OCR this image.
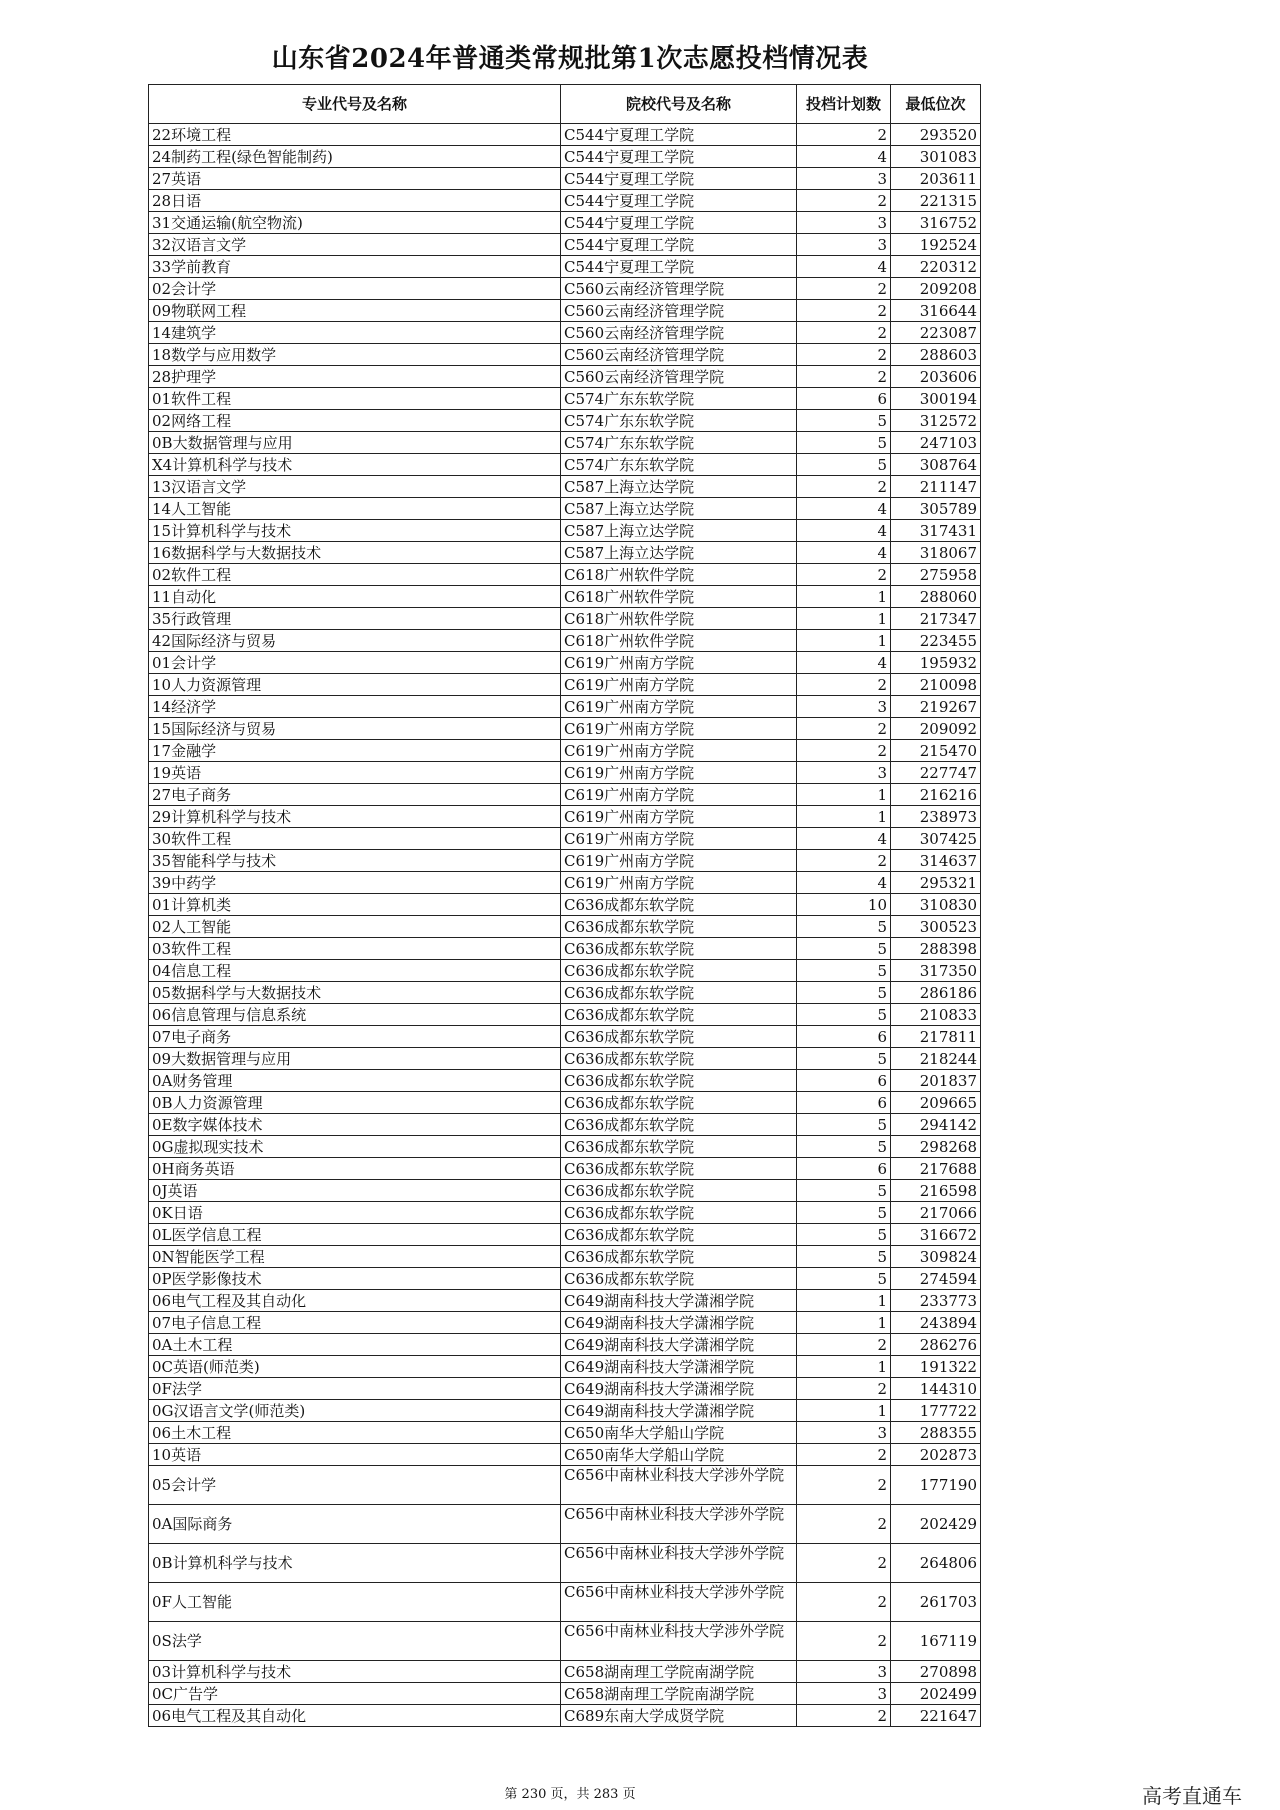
山东省2024年普通类常规批第1次志愿投档情况表
专业代号及名称	院校代号及名称	投档计划数	最低位次
22环境工程	C544宁夏理工学院	2	293520
24制药工程(绿色智能制药)	C544宁夏理工学院	4	301083
27英语	C544宁夏理工学院	3	203611
28日语	C544宁夏理工学院	2	221315
31交通运输(航空物流)	C544宁夏理工学院	3	316752
32汉语言文学	C544宁夏理工学院	3	192524
33学前教育	C544宁夏理工学院	4	220312
02会计学	C560云南经济管理学院	2	209208
09物联网工程	C560云南经济管理学院	2	316644
14建筑学	C560云南经济管理学院	2	223087
18数学与应用数学	C560云南经济管理学院	2	288603
28护理学	C560云南经济管理学院	2	203606
01软件工程	C574广东东软学院	6	300194
02网络工程	C574广东东软学院	5	312572
0B大数据管理与应用	C574广东东软学院	5	247103
X4计算机科学与技术	C574广东东软学院	5	308764
13汉语言文学	C587上海立达学院	2	211147
14人工智能	C587上海立达学院	4	305789
15计算机科学与技术	C587上海立达学院	4	317431
16数据科学与大数据技术	C587上海立达学院	4	318067
02软件工程	C618广州软件学院	2	275958
11自动化	C618广州软件学院	1	288060
35行政管理	C618广州软件学院	1	217347
42国际经济与贸易	C618广州软件学院	1	223455
01会计学	C619广州南方学院	4	195932
10人力资源管理	C619广州南方学院	2	210098
14经济学	C619广州南方学院	3	219267
15国际经济与贸易	C619广州南方学院	2	209092
17金融学	C619广州南方学院	2	215470
19英语	C619广州南方学院	3	227747
27电子商务	C619广州南方学院	1	216216
29计算机科学与技术	C619广州南方学院	1	238973
30软件工程	C619广州南方学院	4	307425
35智能科学与技术	C619广州南方学院	2	314637
39中药学	C619广州南方学院	4	295321
01计算机类	C636成都东软学院	10	310830
02人工智能	C636成都东软学院	5	300523
03软件工程	C636成都东软学院	5	288398
04信息工程	C636成都东软学院	5	317350
05数据科学与大数据技术	C636成都东软学院	5	286186
06信息管理与信息系统	C636成都东软学院	5	210833
07电子商务	C636成都东软学院	6	217811
09大数据管理与应用	C636成都东软学院	5	218244
0A财务管理	C636成都东软学院	6	201837
0B人力资源管理	C636成都东软学院	6	209665
0E数字媒体技术	C636成都东软学院	5	294142
0G虚拟现实技术	C636成都东软学院	5	298268
0H商务英语	C636成都东软学院	6	217688
0J英语	C636成都东软学院	5	216598
0K日语	C636成都东软学院	5	217066
0L医学信息工程	C636成都东软学院	5	316672
0N智能医学工程	C636成都东软学院	5	309824
0P医学影像技术	C636成都东软学院	5	274594
06电气工程及其自动化	C649湖南科技大学潇湘学院	1	233773
07电子信息工程	C649湖南科技大学潇湘学院	1	243894
0A土木工程	C649湖南科技大学潇湘学院	2	286276
0C英语(师范类)	C649湖南科技大学潇湘学院	1	191322
0F法学	C649湖南科技大学潇湘学院	2	144310
0G汉语言文学(师范类)	C649湖南科技大学潇湘学院	1	177722
06土木工程	C650南华大学船山学院	3	288355
10英语	C650南华大学船山学院	2	202873
05会计学	C656中南林业科技大学涉外学院	2	177190
0A国际商务	C656中南林业科技大学涉外学院	2	202429
0B计算机科学与技术	C656中南林业科技大学涉外学院	2	264806
0F人工智能	C656中南林业科技大学涉外学院	2	261703
0S法学	C656中南林业科技大学涉外学院	2	167119
03计算机科学与技术	C658湖南理工学院南湖学院	3	270898
0C广告学	C658湖南理工学院南湖学院	3	202499
06电气工程及其自动化	C689东南大学成贤学院	2	221647
第 230 页，共 283 页	高考直通车
